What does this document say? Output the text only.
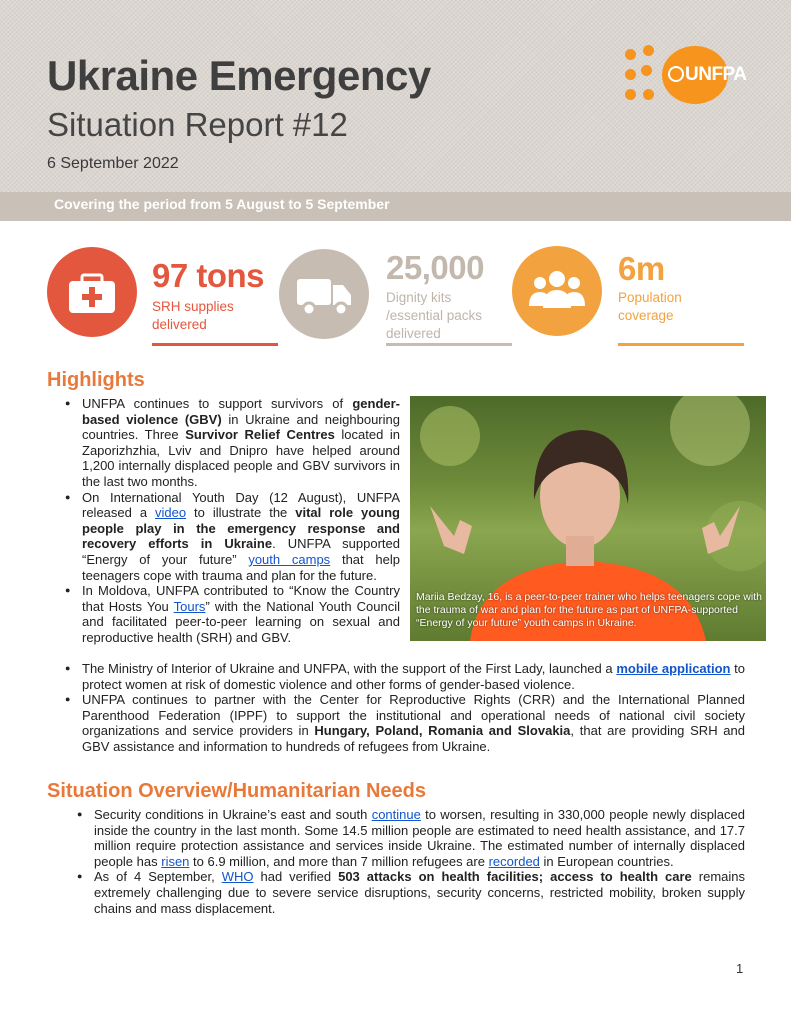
Ukraine Emergency
Situation Report #12
6 September 2022
UNFPA
Covering the period from 5 August to 5 September
97 tons
SRH supplies
delivered
25,000
Dignity kits
/essential packs
delivered
6m
Population
coverage
Highlights
● UNFPA continues to support survivors of gender-based violence (GBV) in Ukraine and neighbouring countries. Three Survivor Relief Centres located in Zaporizhzhia, Lviv and Dnipro have helped around 1,200 internally displaced people and GBV survivors in the last two months.
● On International Youth Day (12 August), UNFPA released a video to illustrate the vital role young people play in the emergency response and recovery efforts in Ukraine. UNFPA supported “Energy of your future” youth camps that help teenagers cope with trauma and plan for the future.
● In Moldova, UNFPA contributed to “Know the Country that Hosts You Tours” with the National Youth Council and facilitated peer-to-peer learning on sexual and reproductive health (SRH) and GBV.
Mariia Bedzay, 16, is a peer-to-peer trainer who helps teenagers cope with the trauma of war and plan for the future as part of UNFPA-supported “Energy of your future” youth camps in Ukraine.
● The Ministry of Interior of Ukraine and UNFPA, with the support of the First Lady, launched a mobile application to protect women at risk of domestic violence and other forms of gender-based violence.
● UNFPA continues to partner with the Center for Reproductive Rights (CRR) and the International Planned Parenthood Federation (IPPF) to support the institutional and operational needs of national civil society organizations and service providers in Hungary, Poland, Romania and Slovakia, that are providing SRH and GBV assistance and information to hundreds of refugees from Ukraine.
Situation Overview/Humanitarian Needs
● Security conditions in Ukraine’s east and south continue to worsen, resulting in 330,000 people newly displaced inside the country in the last month. Some 14.5 million people are estimated to need health assistance, and 17.7 million require protection assistance and services inside Ukraine. The estimated number of internally displaced people has risen to 6.9 million, and more than 7 million refugees are recorded in European countries.
● As of 4 September, WHO had verified 503 attacks on health facilities; access to health care remains extremely challenging due to severe service disruptions, security concerns, restricted mobility, broken supply chains and mass displacement.
1
